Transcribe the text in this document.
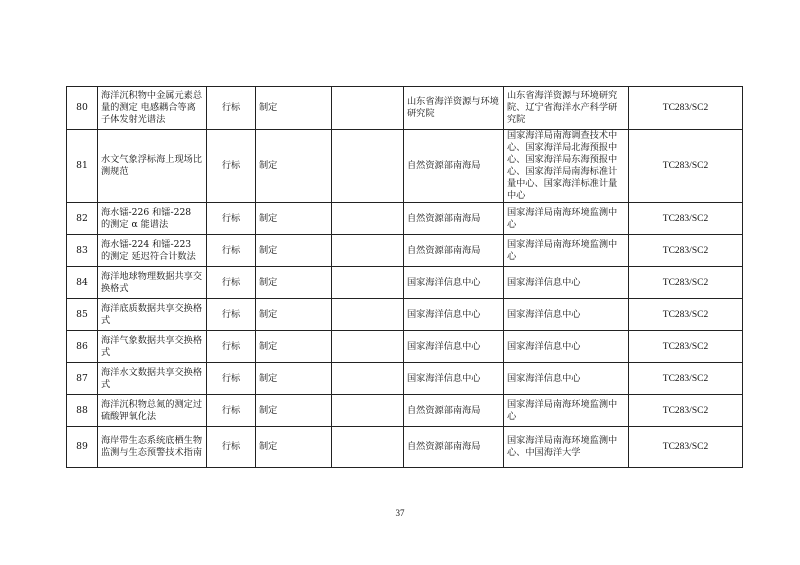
80	海洋沉积物中金属元素总量的测定 电感耦合等离子体发射光谱法	行标	制定		山东省海洋资源与环境研究院	山东省海洋资源与环境研究院、辽宁省海洋水产科学研究院	TC283/SC2
81	水文气象浮标海上现场比测规范	行标	制定		自然资源部南海局	国家海洋局南海调查技术中心、国家海洋局北海预报中心、国家海洋局东海预报中心、国家海洋局南海标准计量中心、国家海洋标准计量中心	TC283/SC2
82	海水镭-226 和镭-228 的测定 α 能谱法	行标	制定		自然资源部南海局	国家海洋局南海环境监测中心	TC283/SC2
83	海水镭-224 和镭-223 的测定 延迟符合计数法	行标	制定		自然资源部南海局	国家海洋局南海环境监测中心	TC283/SC2
84	海洋地球物理数据共享交换格式	行标	制定		国家海洋信息中心	国家海洋信息中心	TC283/SC2
85	海洋底质数据共享交换格式	行标	制定		国家海洋信息中心	国家海洋信息中心	TC283/SC2
86	海洋气象数据共享交换格式	行标	制定		国家海洋信息中心	国家海洋信息中心	TC283/SC2
87	海洋水文数据共享交换格式	行标	制定		国家海洋信息中心	国家海洋信息中心	TC283/SC2
88	海洋沉积物总氮的测定过硫酸钾氧化法	行标	制定		自然资源部南海局	国家海洋局南海环境监测中心	TC283/SC2
89	海岸带生态系统底栖生物监测与生态预警技术指南	行标	制定		自然资源部南海局	国家海洋局南海环境监测中心、中国海洋大学	TC283/SC2
37
